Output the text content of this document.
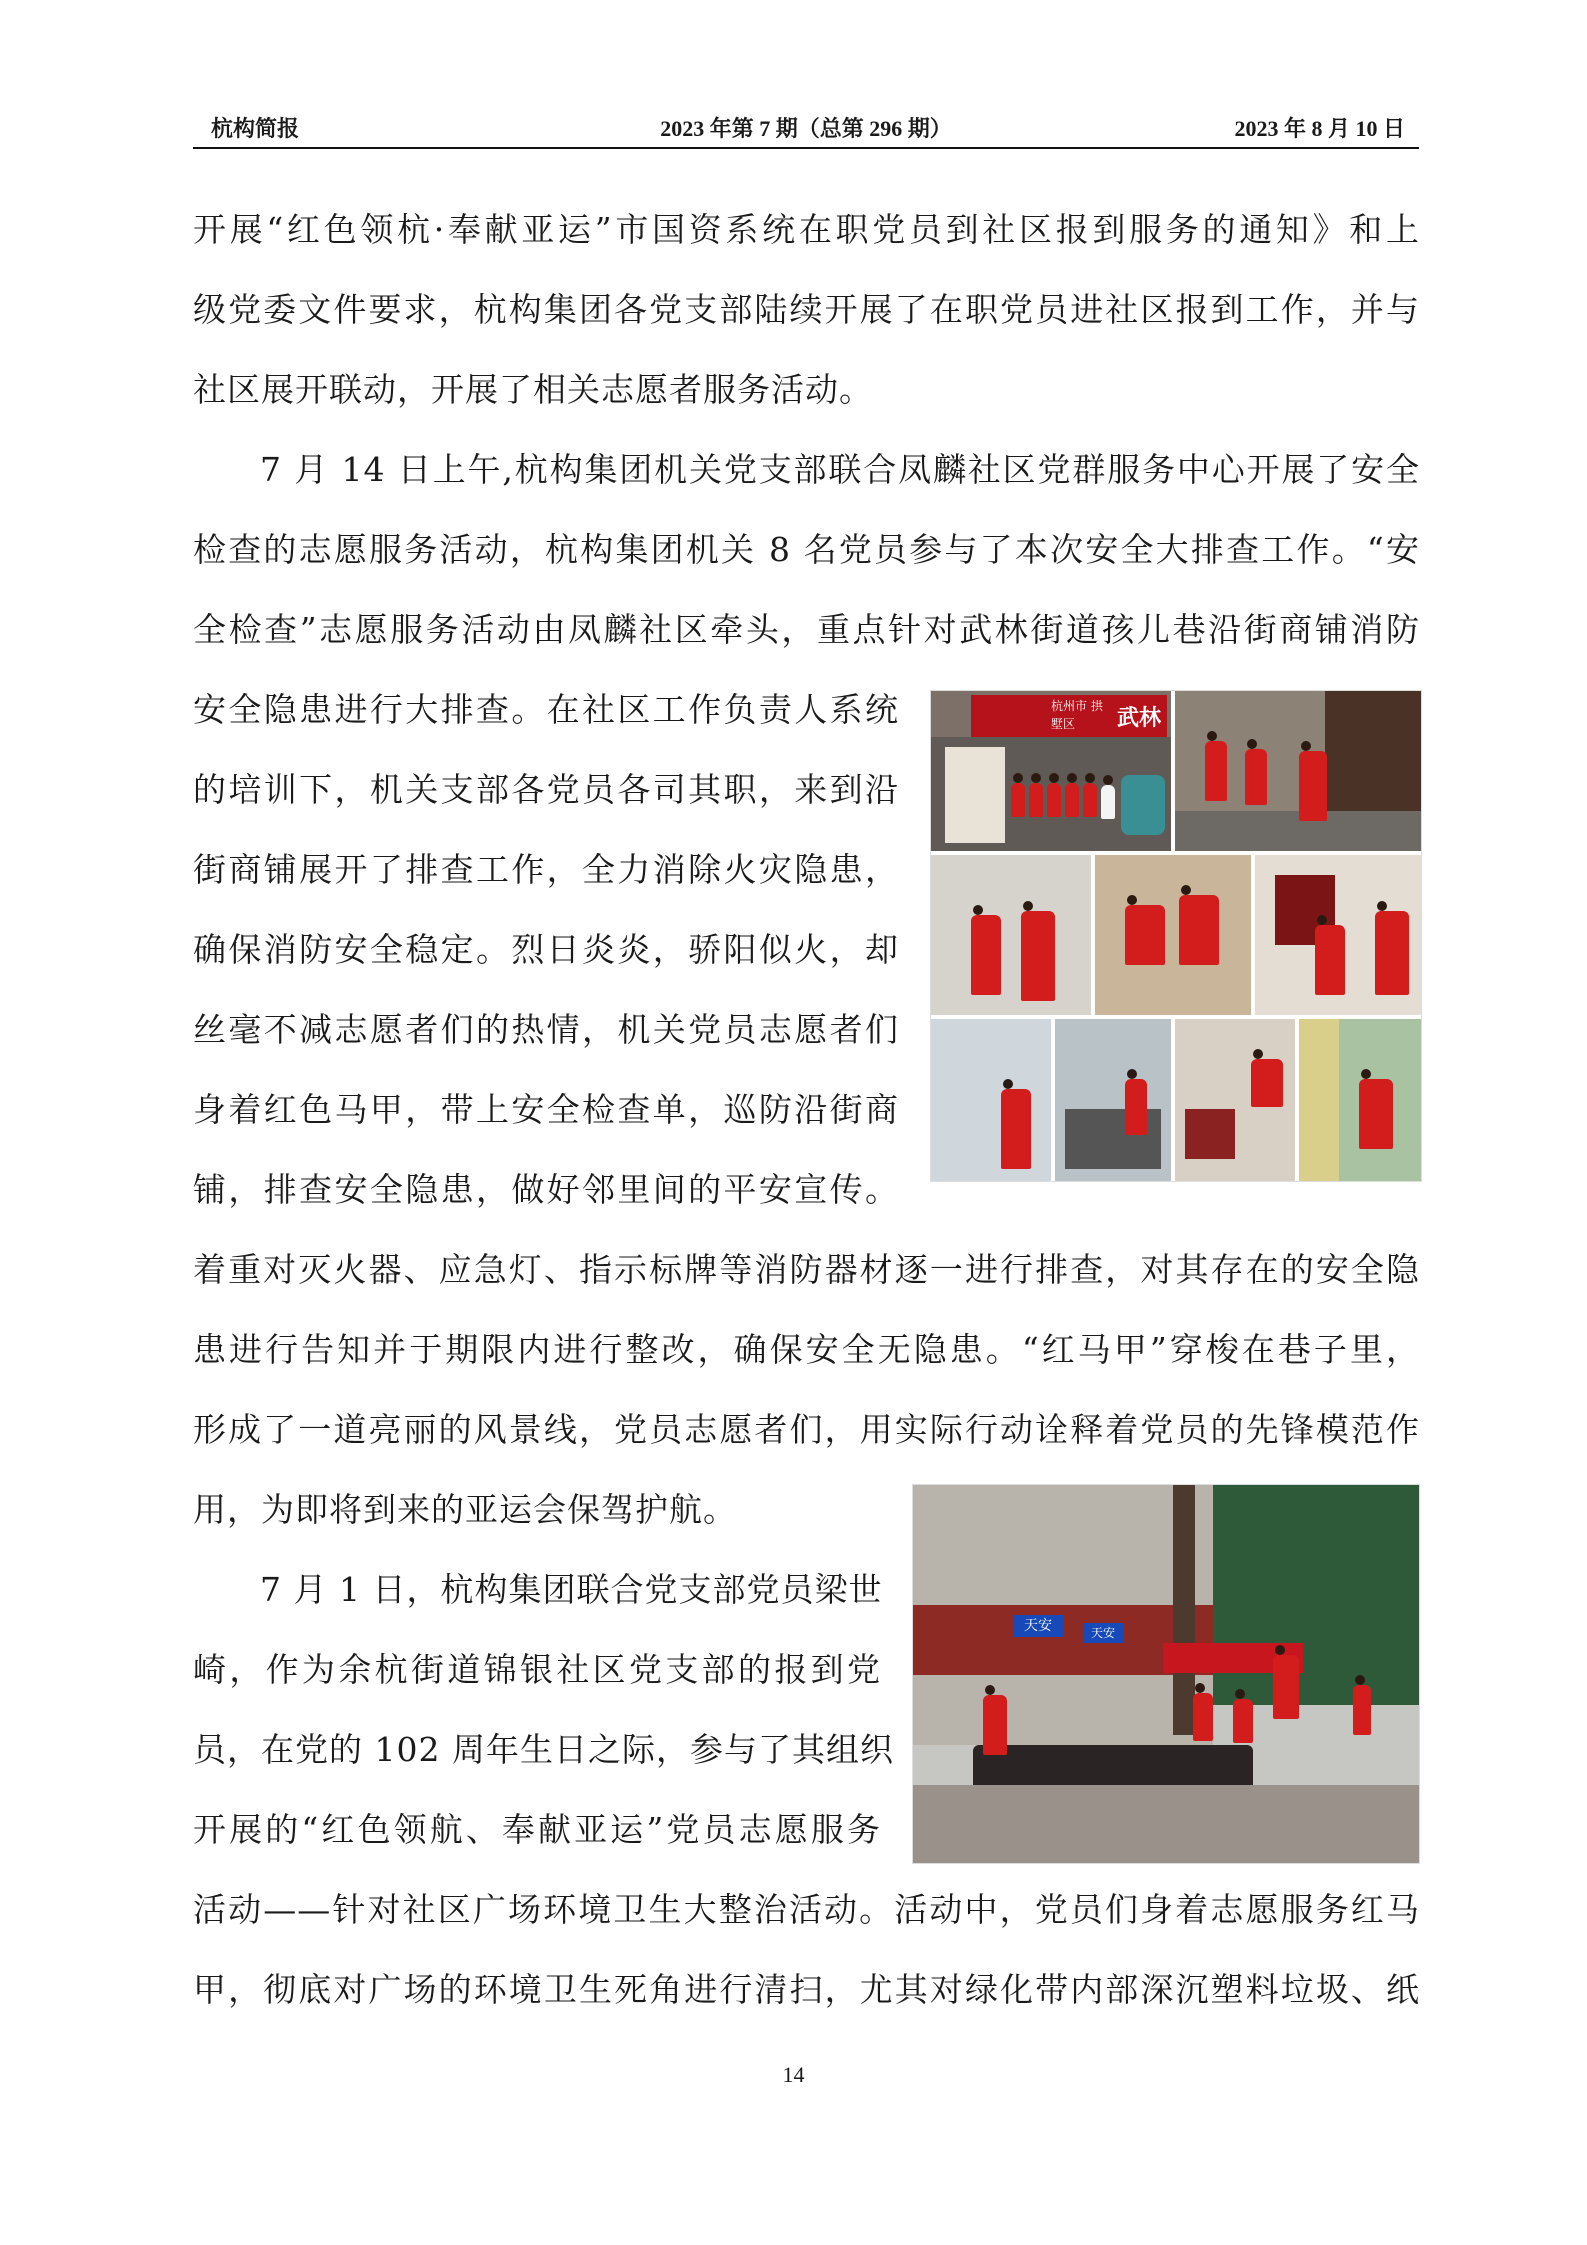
杭构简报	2023 年第 7 期（总第 296 期）	2023 年 8 月 10 日
开展“红色领杭·奉献亚运”市国资系统在职党员到社区报到服务的通知》和上
级党委文件要求，杭构集团各党支部陆续开展了在职党员进社区报到工作，并与
社区展开联动，开展了相关志愿者服务活动。
7 月 14 日上午,杭构集团机关党支部联合凤麟社区党群服务中心开展了安全
检查的志愿服务活动，杭构集团机关 8 名党员参与了本次安全大排查工作。“安
全检查”志愿服务活动由凤麟社区牵头，重点针对武林街道孩儿巷沿街商铺消防
安全隐患进行大排查。在社区工作负责人系统
的培训下，机关支部各党员各司其职，来到沿
街商铺展开了排查工作，全力消除火灾隐患，
确保消防安全稳定。烈日炎炎，骄阳似火，却
丝毫不减志愿者们的热情，机关党员志愿者们
身着红色马甲，带上安全检查单，巡防沿街商
铺，排查安全隐患，做好邻里间的平安宣传。
着重对灭火器、应急灯、指示标牌等消防器材逐一进行排查，对其存在的安全隐
患进行告知并于期限内进行整改，确保安全无隐患。“红马甲”穿梭在巷子里，
形成了一道亮丽的风景线，党员志愿者们，用实际行动诠释着党员的先锋模范作
用，为即将到来的亚运会保驾护航。
7 月 1 日，杭构集团联合党支部党员梁世
崎，作为余杭街道锦银社区党支部的报到党
员，在党的 102 周年生日之际，参与了其组织
开展的“红色领航、奉献亚运”党员志愿服务
活动——针对社区广场环境卫生大整治活动。活动中，党员们身着志愿服务红马
甲，彻底对广场的环境卫生死角进行清扫，尤其对绿化带内部深沉塑料垃圾、纸
杭州市 拱墅区	武林
天安	天安
14
